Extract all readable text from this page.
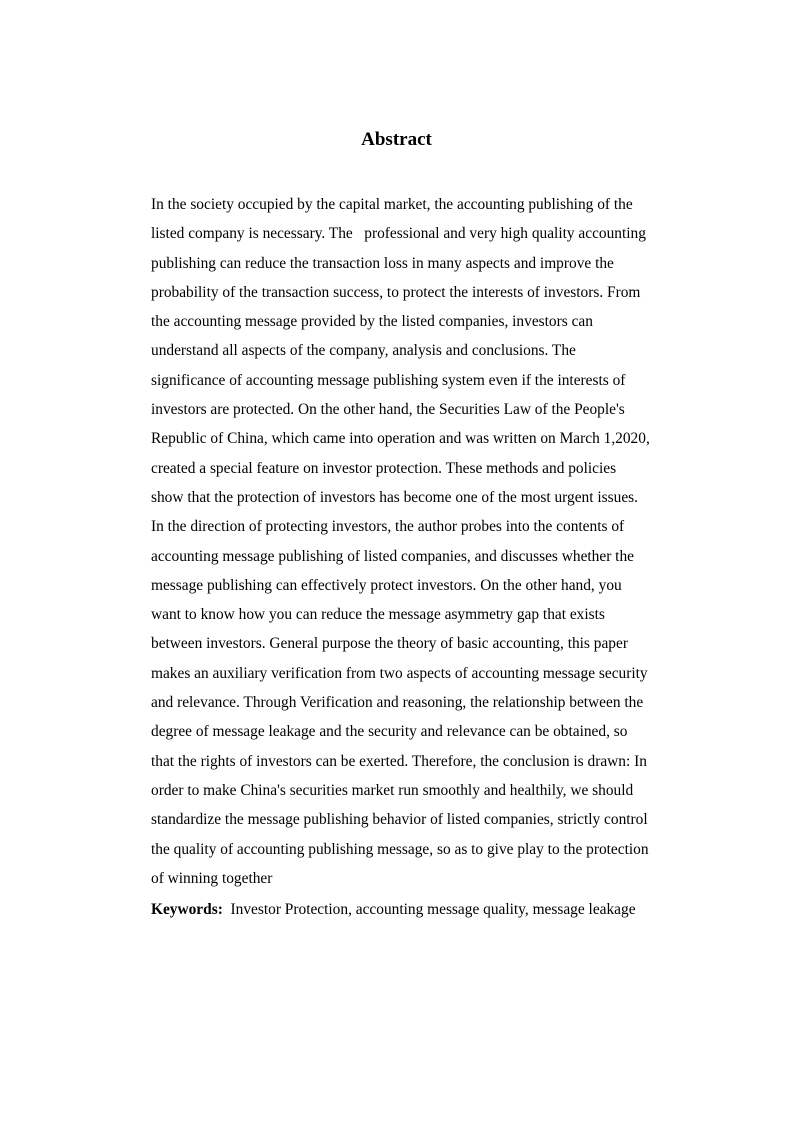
Abstract
In the society occupied by the capital market, the accounting publishing of the
listed company is necessary. The   professional and very high quality accounting
publishing can reduce the transaction loss in many aspects and improve the
probability of the transaction success, to protect the interests of investors. From
the accounting message provided by the listed companies, investors can
understand all aspects of the company, analysis and conclusions. The
significance of accounting message publishing system even if the interests of
investors are protected. On the other hand, the Securities Law of the People's
Republic of China, which came into operation and was written on March 1,2020,
created a special feature on investor protection. These methods and policies
show that the protection of investors has become one of the most urgent issues.
In the direction of protecting investors, the author probes into the contents of
accounting message publishing of listed companies, and discusses whether the
message publishing can effectively protect investors. On the other hand, you
want to know how you can reduce the message asymmetry gap that exists
between investors. General purpose the theory of basic accounting, this paper
makes an auxiliary verification from two aspects of accounting message security
and relevance. Through Verification and reasoning, the relationship between the
degree of message leakage and the security and relevance can be obtained, so
that the rights of investors can be exerted. Therefore, the conclusion is drawn: In
order to make China's securities market run smoothly and healthily, we should
standardize the message publishing behavior of listed companies, strictly control
the quality of accounting publishing message, so as to give play to the protection
of winning together
Keywords: Investor Protection, accounting message quality, message leakage
